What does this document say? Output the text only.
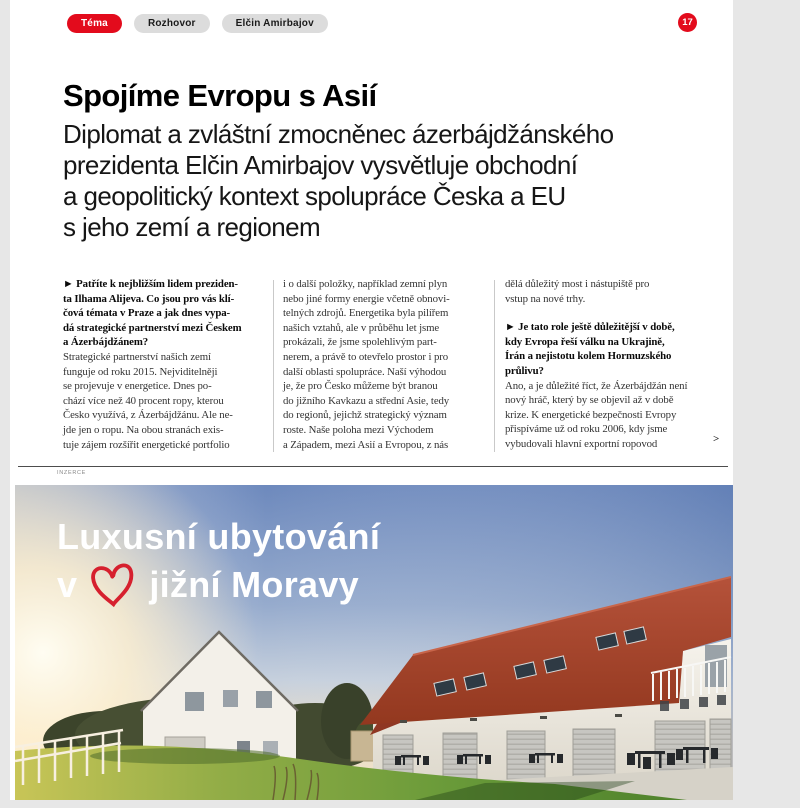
Téma	Rozhovor	Elčin Amirbajov	17
Spojíme Evropu s Asií
Diplomat a zvláštní zmocněnec ázerbájdžánského
prezidenta Elčin Amirbajov vysvětluje obchodní
a geopolitický kontext spolupráce Česka a EU
s jeho zemí a regionem
► Patříte k nejbližším lidem preziden-
ta Ilhama Alijeva. Co jsou pro vás klí-
čová témata v Praze a jak dnes vypa-
dá strategické partnerství mezi Českem
a Ázerbájdžánem?
Strategické partnerství našich zemí
funguje od roku 2015. Nejviditelněji
se projevuje v energetice. Dnes po-
chází více než 40 procent ropy, kterou
Česko využívá, z Ázerbájdžánu. Ale ne-
jde jen o ropu. Na obou stranách exis-
tuje zájem rozšířit energetické portfolio
i o další položky, například zemní plyn
nebo jiné formy energie včetně obnovi-
telných zdrojů. Energetika byla pilířem
našich vztahů, ale v průběhu let jsme
prokázali, že jsme spolehlivým part-
nerem, a právě to otevřelo prostor i pro
další oblasti spolupráce. Naší výhodou
je, že pro Česko můžeme být branou
do jižního Kavkazu a střední Asie, tedy
do regionů, jejichž strategický význam
roste. Naše poloha mezi Východem
a Západem, mezi Asií a Evropou, z nás
dělá důležitý most i nástupiště pro
vstup na nové trhy.
► Je tato role ještě důležitější v době,
kdy Evropa řeší válku na Ukrajině,
Írán a nejistotu kolem Hormuzského
průlivu?
Ano, a je důležité říct, že Ázerbájdžán není
nový hráč, který by se objevil až v době
krize. K energetické bezpečnosti Evropy
přispíváme už od roku 2006, kdy jsme
vybudovali hlavní exportní ropovod	>
INZERCE
Luxusní ubytování
v jižní Moravy
